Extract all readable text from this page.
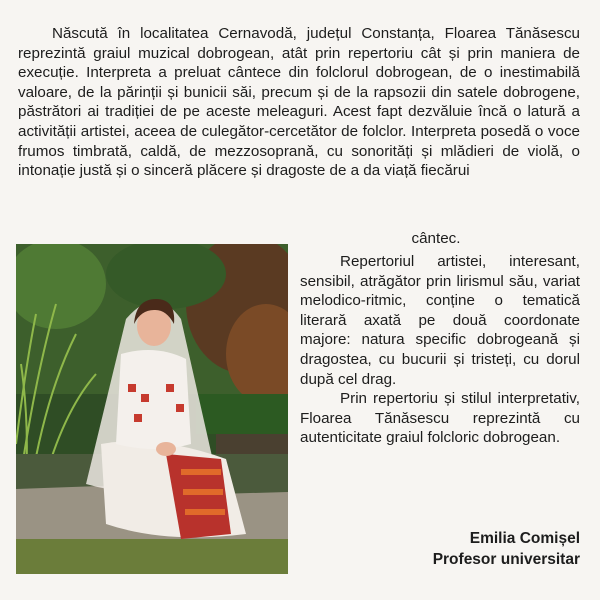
Născută în localitatea Cernavodă, județul Constanța, Floarea Tănăsescu reprezintă graiul muzical dobrogean, atât prin repertoriu cât și prin maniera de execuție. Interpreta a preluat cântece din folclorul dobrogean, de o inestimabilă valoare, de la părinții și bunicii săi, precum și de la rapsozii din satele dobrogene, păstrători ai tradiției de pe aceste meleaguri. Acest fapt dezvăluie încă o latură a activității artistei, aceea de culegător-cercetător de folclor. Interpreta posedă o voce frumos timbrată, caldă, de mezzosopranǎ, cu sonorități și mlădieri de violă, o intonație justă și o sinceră plăcere și dragoste de a da viață fiecărui

cântec.

Repertoriul artistei, interesant, sensibil, atrăgător prin lirismul său, variat melodico-ritmic, conține o tematică literară axată pe două coordonate majore: natura specific dobrogeană și dragostea, cu bucurii și tristeți, cu dorul după cel drag.

Prin repertoriu și stilul interpretativ, Floarea Tănăsescu reprezintă cu autenticitate graiul folcloric dobrogean.

Emilia Comișel
Profesor universitar
